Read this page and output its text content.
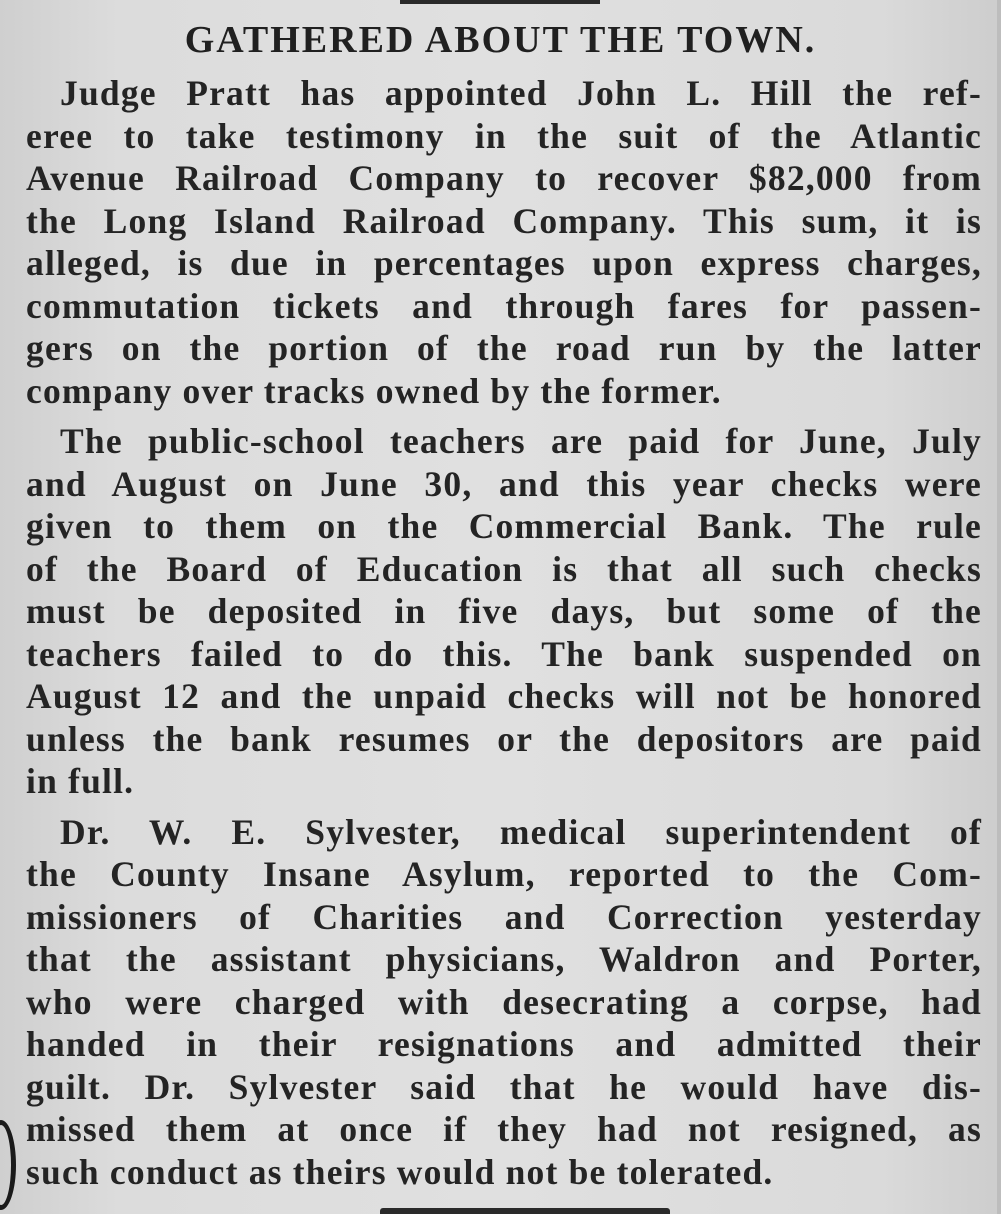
GATHERED ABOUT THE TOWN.
Judge Pratt has appointed John L. Hill the ref-
eree to take testimony in the suit of the Atlantic
Avenue Railroad Company to recover $82,000 from
the Long Island Railroad Company. This sum, it is
alleged, is due in percentages upon express charges,
commutation tickets and through fares for passen-
gers on the portion of the road run by the latter
company over tracks owned by the former.
The public-school teachers are paid for June, July
and August on June 30, and this year checks were
given to them on the Commercial Bank. The rule
of the Board of Education is that all such checks
must be deposited in five days, but some of the
teachers failed to do this. The bank suspended on
August 12 and the unpaid checks will not be honored
unless the bank resumes or the depositors are paid
in full.
Dr. W. E. Sylvester, medical superintendent of
the County Insane Asylum, reported to the Com-
missioners of Charities and Correction yesterday
that the assistant physicians, Waldron and Porter,
who were charged with desecrating a corpse, had
handed in their resignations and admitted their
guilt. Dr. Sylvester said that he would have dis-
missed them at once if they had not resigned, as
such conduct as theirs would not be tolerated.
